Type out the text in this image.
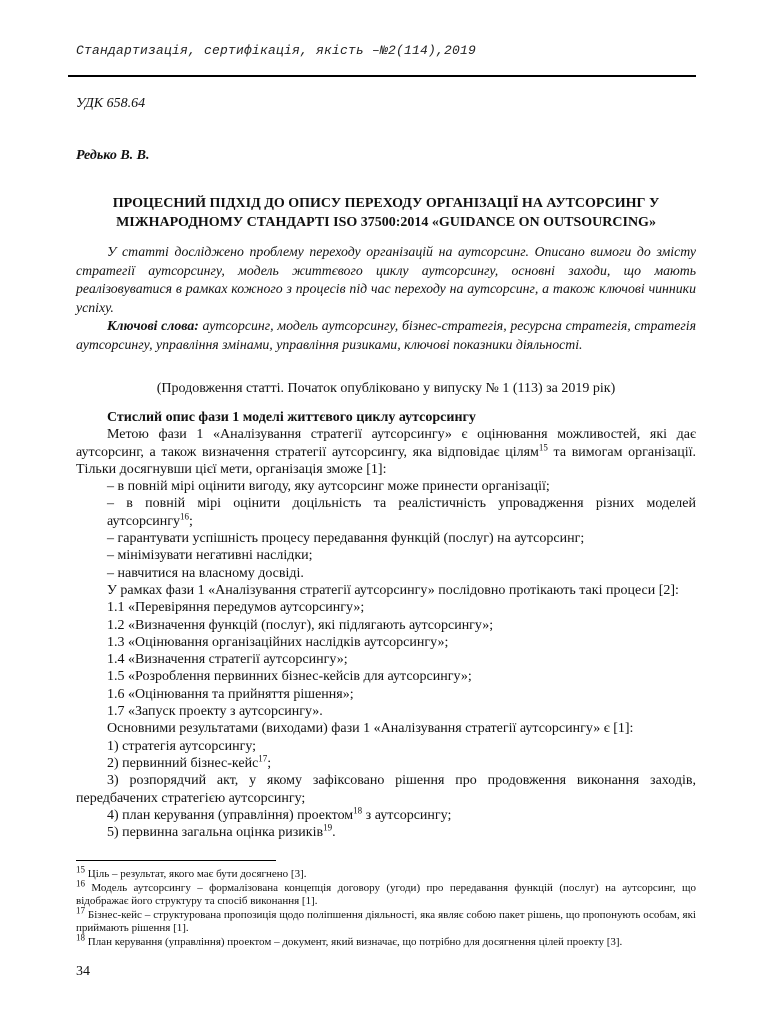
Стандартизація, сертифікація, якість –№2(114),2019
УДК 658.64
Редько В. В.
ПРОЦЕСНИЙ ПІДХІД ДО ОПИСУ ПЕРЕХОДУ ОРГАНІЗАЦІЇ НА АУТСОРСИНГ У МІЖНАРОДНОМУ СТАНДАРТІ ISO 37500:2014 «GUIDANCE ON OUTSOURCING»

У статті досліджено проблему переходу організацій на аутсорсинг. Описано вимоги до змісту стратегії аутсорсингу, модель життєвого циклу аутсорсингу, основні заходи, що мають реалізовуватися в рамках кожного з процесів під час переходу на аутсорсинг, а також ключові чинники успіху.

Ключові слова: аутсорсинг, модель аутсорсингу, бізнес-стратегія, ресурсна стратегія, стратегія аутсорсингу, управління змінами, управління ризиками, ключові показники діяльності.

(Продовження статті. Початок опубліковано у випуску № 1 (113) за 2019 рік)

Стислий опис фази 1 моделі життєвого циклу аутсорсингу

Метою фази 1 «Аналізування стратегії аутсорсингу» є оцінювання можливостей, які дає аутсорсинг, а також визначення стратегії аутсорсингу, яка відповідає цілям$^{15}$ та вимогам організації. Тільки досягнувши цієї мети, організація зможе [1]:

– в повній мірі оцінити вигоду, яку аутсорсинг може принести організації;

– в повній мірі оцінити доцільність та реалістичність упровадження різних моделей аутсорсингу$^{16}$;

– гарантувати успішність процесу передавання функцій (послуг) на аутсорсинг;

– мінімізувати негативні наслідки;

– навчитися на власному досвіді.

У рамках фази 1 «Аналізування стратегії аутсорсингу» послідовно протікають такі процеси [2]:

1.1 «Перевіряння передумов аутсорсингу»;

1.2 «Визначення функцій (послуг), які підлягають аутсорсингу»;

1.3 «Оцінювання організаційних наслідків аутсорсингу»;

1.4 «Визначення стратегії аутсорсингу»;

1.5 «Розроблення первинних бізнес-кейсів для аутсорсингу»;

1.6 «Оцінювання та прийняття рішення»;

1.7 «Запуск проекту з аутсорсингу».

Основними результатами (виходами) фази 1 «Аналізування стратегії аутсорсингу» є [1]:

1) стратегія аутсорсингу;

2) первинний бізнес-кейс$^{17}$;

3) розпорядчий акт, у якому зафіксовано рішення про продовження виконання заходів, передбачених стратегією аутсорсингу;

4) план керування (управління) проектом$^{18}$ з аутсорсингу;

5) первинна загальна оцінка ризиків$^{19}$.

$^{15}$ Ціль – результат, якого має бути досягнено [3].

$^{16}$ Модель аутсорсингу – формалізована концепція договору (угоди) про передавання функцій (послуг) на аутсорсинг, що відображає його структуру та спосіб виконання [1].

$^{17}$ Бізнес-кейс – структурована пропозиція щодо поліпшення діяльності, яка являє собою пакет рішень, що пропонують особам, які приймають рішення [1].

$^{18}$ План керування (управління) проектом – документ, який визначає, що потрібно для досягнення цілей проекту [3].

34
